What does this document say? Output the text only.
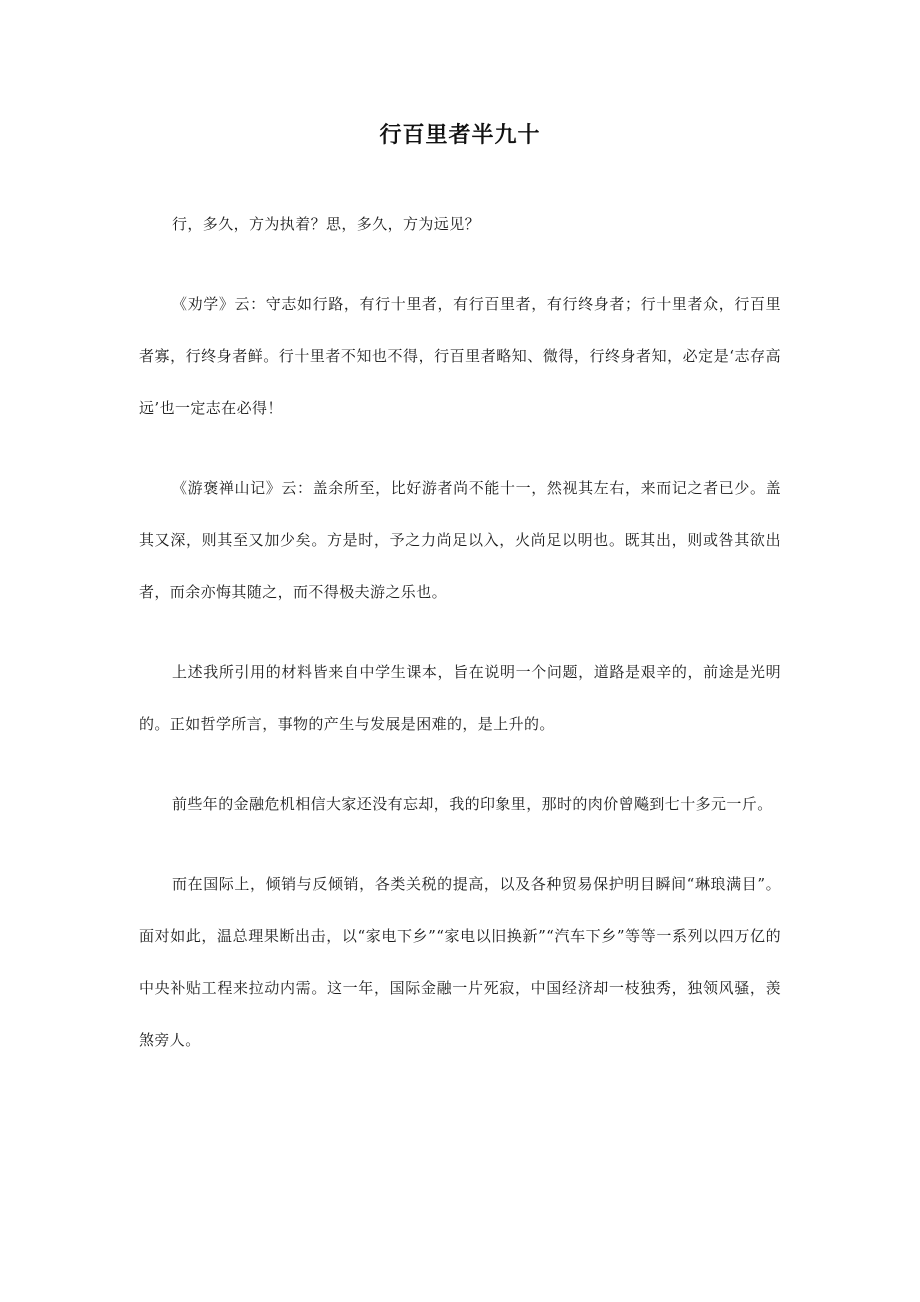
行百里者半九十

行，多久，方为执着？思，多久，方为远见？

《劝学》云：守志如行路，有行十里者，有行百里者，有行终身者；行十里者众，行百里者寡，行终身者鲜。行十里者不知也不得，行百里者略知、微得，行终身者知，必定是‘志存高远’也一定志在必得！

《游褒禅山记》云：盖余所至，比好游者尚不能十一，然视其左右，来而记之者已少。盖其又深，则其至又加少矣。方是时，予之力尚足以入，火尚足以明也。既其出，则或咎其欲出者，而余亦悔其随之，而不得极夫游之乐也。

上述我所引用的材料皆来自中学生课本，旨在说明一个问题，道路是艰辛的，前途是光明的。正如哲学所言，事物的产生与发展是困难的，是上升的。

前些年的金融危机相信大家还没有忘却，我的印象里，那时的肉价曾飚到七十多元一斤。

而在国际上，倾销与反倾销，各类关税的提高，以及各种贸易保护明目瞬间“琳琅满目”。面对如此，温总理果断出击，以“家电下乡”“家电以旧换新”“汽车下乡”等等一系列以四万亿的中央补贴工程来拉动内需。这一年，国际金融一片死寂，中国经济却一枝独秀，独领风骚，羡煞旁人。
